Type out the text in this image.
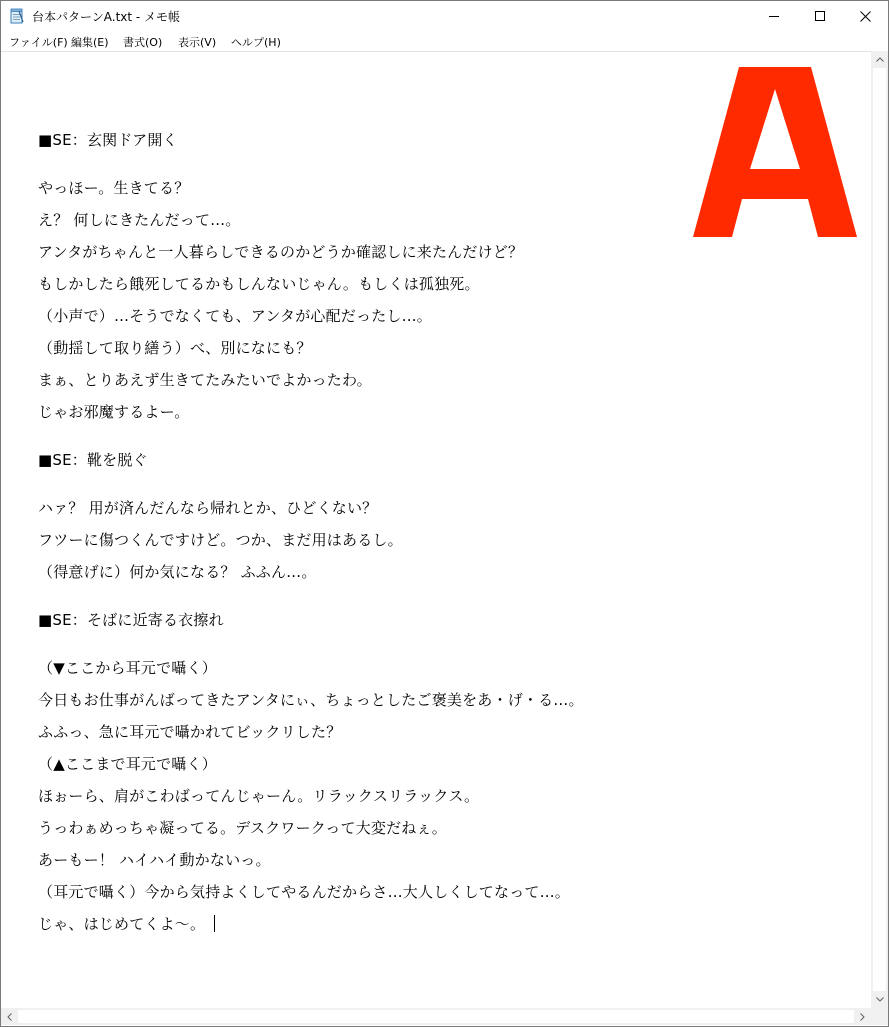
台本パターンA.txt - メモ帳
ファイル(F) 編集(E) 書式(O) 表示(V) ヘルプ(H)
■SE：玄関ドア開く
やっほー。生きてる？
え？ 何しにきたんだって…。
アンタがちゃんと一人暮らしできるのかどうか確認しに来たんだけど？
もしかしたら餓死してるかもしんないじゃん。もしくは孤独死。
（小声で）…そうでなくても、アンタが心配だったし…。
（動揺して取り繕う）べ、別になにも？
まぁ、とりあえず生きてたみたいでよかったわ。
じゃお邪魔するよー。
■SE：靴を脱ぐ
ハァ？ 用が済んだんなら帰れとか、ひどくない？
フツーに傷つくんですけど。つか、まだ用はあるし。
（得意げに）何か気になる？ ふふん…。
■SE：そばに近寄る衣擦れ
（▼ここから耳元で囁く）
今日もお仕事がんばってきたアンタにぃ、ちょっとしたご褒美をあ・げ・る…。
ふふっ、急に耳元で囁かれてビックリした？
（▲ここまで耳元で囁く）
ほぉーら、肩がこわばってんじゃーん。リラックスリラックス。
うっわぁめっちゃ凝ってる。デスクワークって大変だねぇ。
あーもー！ ハイハイ動かないっ。
（耳元で囁く）今から気持よくしてやるんだからさ…大人しくしてなって…。
じゃ、はじめてくよ〜。
